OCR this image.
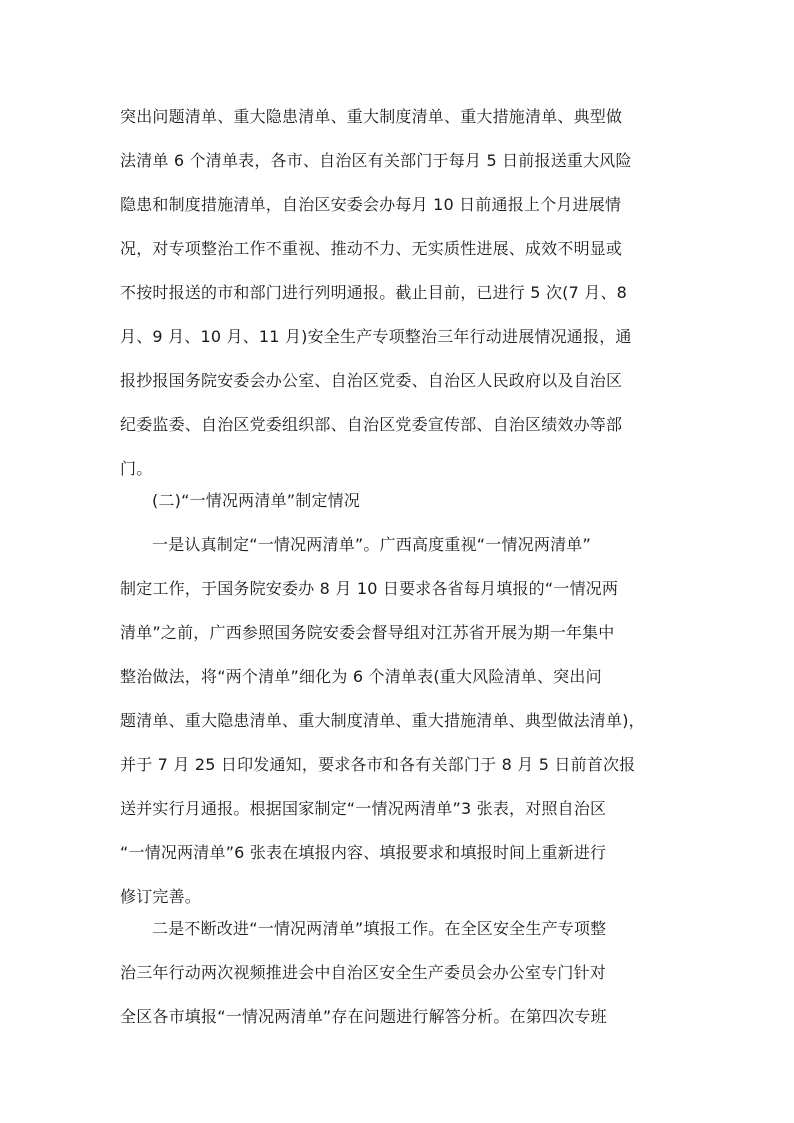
突出问题清单、重大隐患清单、重大制度清单、重大措施清单、典型做
法清单 6 个清单表，各市、自治区有关部门于每月 5 日前报送重大风险
隐患和制度措施清单，自治区安委会办每月 10 日前通报上个月进展情
况，对专项整治工作不重视、推动不力、无实质性进展、成效不明显或
不按时报送的市和部门进行列明通报。截止目前，已进行 5 次(7 月、8
月、9 月、10 月、11 月)安全生产专项整治三年行动进展情况通报，通
报抄报国务院安委会办公室、自治区党委、自治区人民政府以及自治区
纪委监委、自治区党委组织部、自治区党委宣传部、自治区绩效办等部
门。
(二)“一情况两清单”制定情况
一是认真制定“一情况两清单”。广西高度重视“一情况两清单”
制定工作，于国务院安委办 8 月 10 日要求各省每月填报的“一情况两
清单”之前，广西参照国务院安委会督导组对江苏省开展为期一年集中
整治做法，将“两个清单”细化为 6 个清单表(重大风险清单、突出问
题清单、重大隐患清单、重大制度清单、重大措施清单、典型做法清单)，
并于 7 月 25 日印发通知，要求各市和各有关部门于 8 月 5 日前首次报
送并实行月通报。根据国家制定“一情况两清单”3 张表，对照自治区
“一情况两清单”6 张表在填报内容、填报要求和填报时间上重新进行
修订完善。
二是不断改进“一情况两清单”填报工作。在全区安全生产专项整
治三年行动两次视频推进会中自治区安全生产委员会办公室专门针对
全区各市填报“一情况两清单”存在问题进行解答分析。在第四次专班
